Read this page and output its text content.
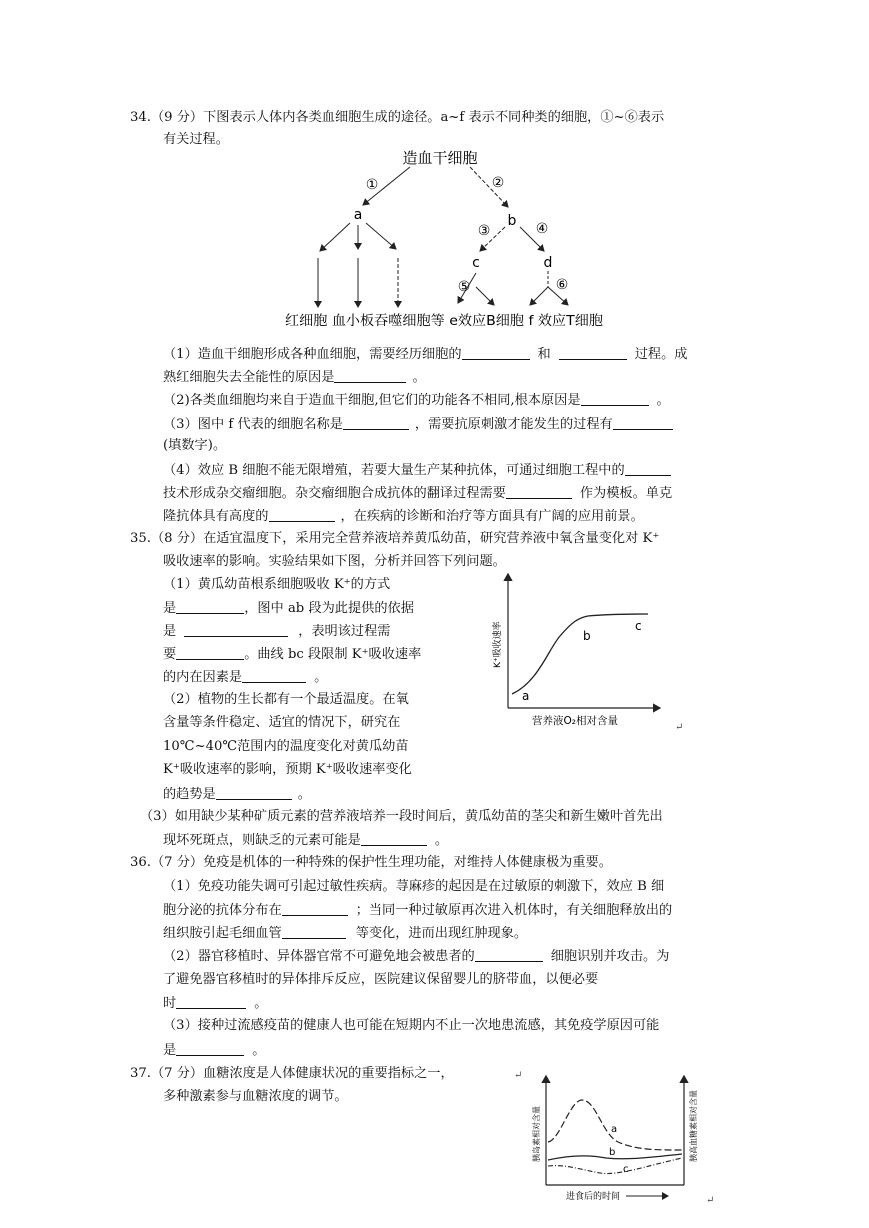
34.（9 分）下图表示人体内各类血细胞生成的途径。a~f 表示不同种类的细胞，①~⑥表示
有关过程。
造血干细胞
①	②
a	b
③	④
c	d
⑤	⑥
红细胞 血小板吞噬细胞等 e效应B细胞 f 效应T细胞
（1）造血干细胞形成各种血细胞，需要经历细胞的	和	过程。成
熟红细胞失去全能性的原因是	。
（2)各类血细胞均来自于造血干细胞,但它们的功能各不相同,根本原因是	。
（3）图中 f 代表的细胞名称是	，需要抗原刺激才能发生的过程有
(填数字)。
（4）效应 B 细胞不能无限增殖，若要大量生产某种抗体，可通过细胞工程中的
技术形成杂交瘤细胞。杂交瘤细胞合成抗体的翻译过程需要	作为模板。单克
隆抗体具有高度的	，在疾病的诊断和治疗等方面具有广阔的应用前景。
35.（8 分）在适宜温度下，采用完全营养液培养黄瓜幼苗，研究营养液中氧含量变化对 K⁺
吸收速率的影响。实验结果如下图，分析并回答下列问题。
（1）黄瓜幼苗根系细胞吸收 K⁺的方式
是	，图中 ab 段为此提供的依据
是	，表明该过程需
要	。曲线 bc 段限制 K⁺吸收速率
的内在因素是	。
（2）植物的生长都有一个最适温度。在氧
含量等条件稳定、适宜的情况下，研究在
10℃~40℃范围内的温度变化对黄瓜幼苗
K⁺吸收速率的影响，预期 K⁺吸收速率变化
的趋势是	。
（3）如用缺少某种矿质元素的营养液培养一段时间后，黄瓜幼苗的茎尖和新生嫩叶首先出
现坏死斑点，则缺乏的元素可能是	。
a
b
c
K⁺吸收速率
营养液O₂相对含量
↵
36.（7 分）免疫是机体的一种特殊的保护性生理功能，对维持人体健康极为重要。
（1）免疫功能失调可引起过敏性疾病。荨麻疹的起因是在过敏原的刺激下，效应 B 细
胞分泌的抗体分布在	；当同一种过敏原再次进入机体时，有关细胞释放出的
组织胺引起毛细血管	等变化，进而出现红肿现象。
（2）器官移植时、异体器官常不可避免地会被患者的	细胞识别并攻击。为
了避免器官移植时的异体排斥反应，医院建议保留婴儿的脐带血，以便必要
时	。
（3）接种过流感疫苗的健康人也可能在短期内不止一次地患流感，其免疫学原因可能
是	。
37.（7 分）血糖浓度是人体健康状况的重要指标之一，
多种激素参与血糖浓度的调节。
↵
a
b
c
胰岛素相对含量	胰高血糖素相对含量
进食后的时间	↵
